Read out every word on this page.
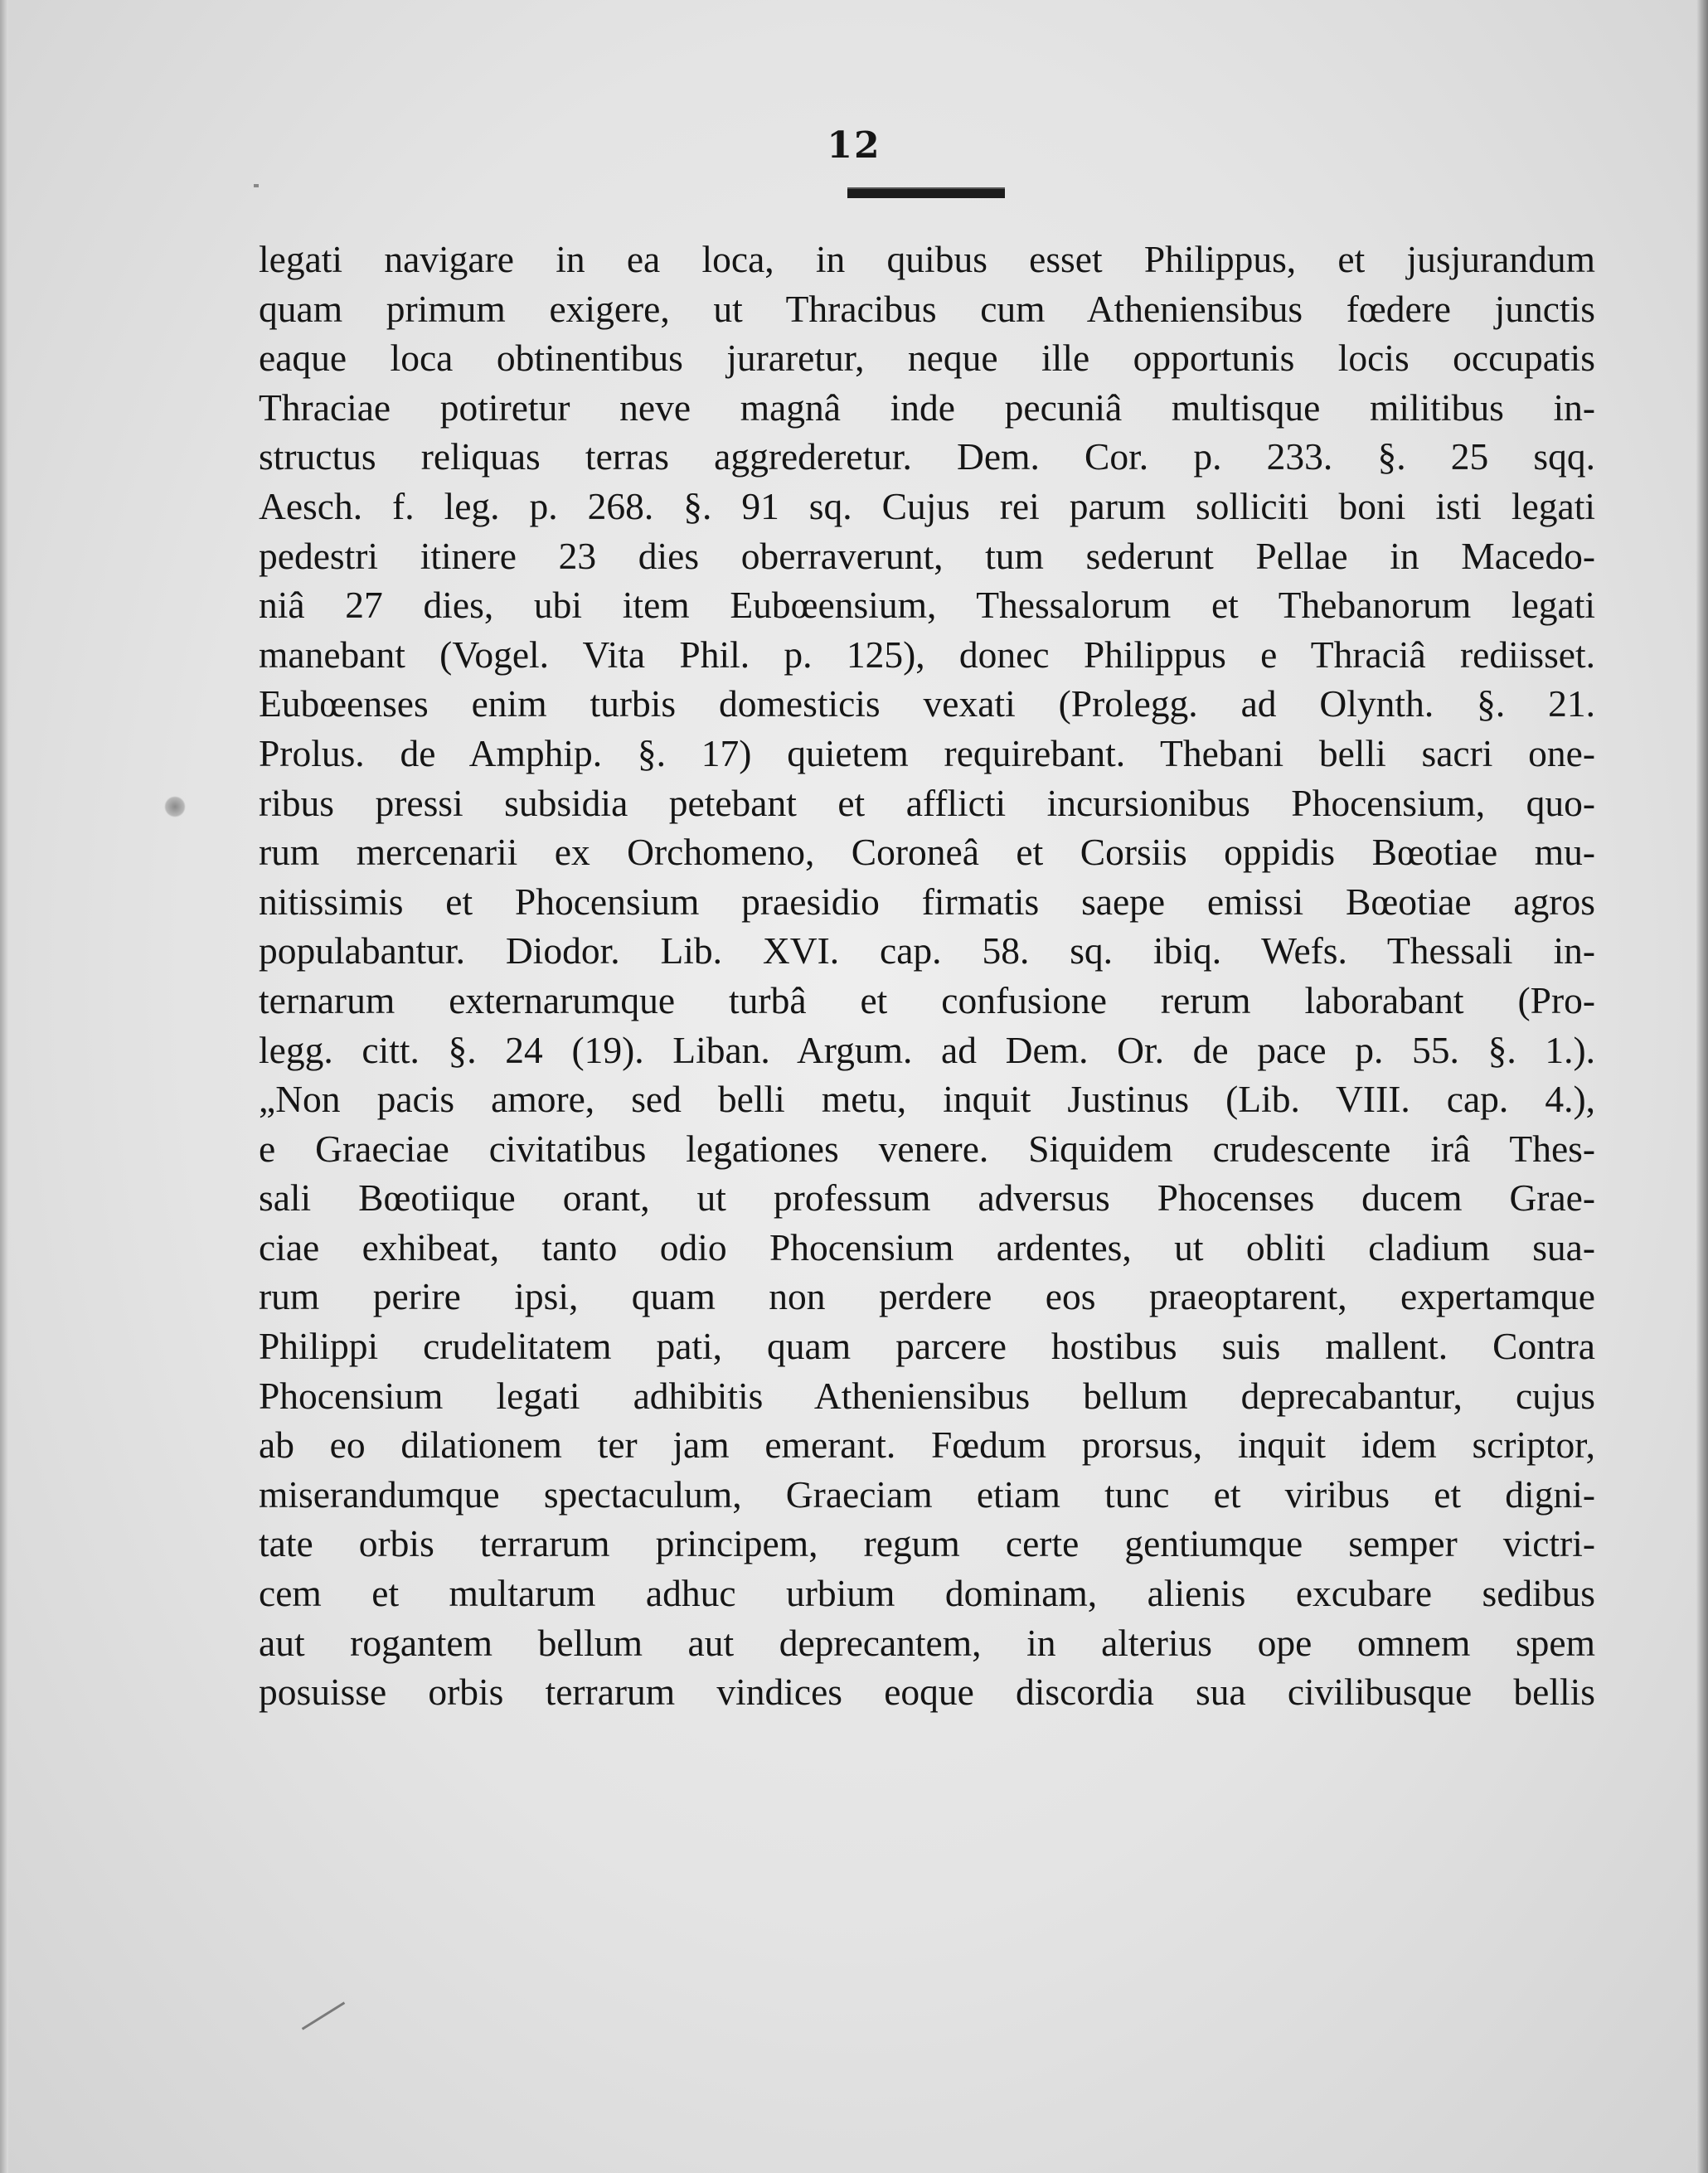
12
legati navigare in ea loca, in quibus esset Philippus, et jusjurandum
quam primum exigere, ut Thracibus cum Atheniensibus fœdere junctis
eaque loca obtinentibus juraretur, neque ille opportunis locis occupatis
Thraciae potiretur neve magnâ inde pecuniâ multisque militibus in-
structus reliquas terras aggrederetur. Dem. Cor. p. 233. §. 25 sqq.
Aesch. f. leg. p. 268. §. 91 sq. Cujus rei parum solliciti boni isti legati
pedestri itinere 23 dies oberraverunt, tum sederunt Pellae in Macedo-
niâ 27 dies, ubi item Eubœensium, Thessalorum et Thebanorum legati
manebant (Vogel. Vita Phil. p. 125), donec Philippus e Thraciâ rediisset.
Eubœenses enim turbis domesticis vexati (Prolegg. ad Olynth. §. 21.
Prolus. de Amphip. §. 17) quietem requirebant. Thebani belli sacri one-
ribus pressi subsidia petebant et afflicti incursionibus Phocensium, quo-
rum mercenarii ex Orchomeno, Coroneâ et Corsiis oppidis Bœotiae mu-
nitissimis et Phocensium praesidio firmatis saepe emissi Bœotiae agros
populabantur. Diodor. Lib. XVI. cap. 58. sq. ibiq. Wefs. Thessali in-
ternarum externarumque turbâ et confusione rerum laborabant (Pro-
legg. citt. §. 24 (19). Liban. Argum. ad Dem. Or. de pace p. 55. §. 1.).
„Non pacis amore, sed belli metu, inquit Justinus (Lib. VIII. cap. 4.),
e Graeciae civitatibus legationes venere. Siquidem crudescente irâ Thes-
sali Bœotiique orant, ut professum adversus Phocenses ducem Grae-
ciae exhibeat, tanto odio Phocensium ardentes, ut obliti cladium sua-
rum perire ipsi, quam non perdere eos praeoptarent, expertamque
Philippi crudelitatem pati, quam parcere hostibus suis mallent. Contra
Phocensium legati adhibitis Atheniensibus bellum deprecabantur, cujus
ab eo dilationem ter jam emerant. Fœdum prorsus, inquit idem scriptor,
miserandumque spectaculum, Graeciam etiam tunc et viribus et digni-
tate orbis terrarum principem, regum certe gentiumque semper victri-
cem et multarum adhuc urbium dominam, alienis excubare sedibus
aut rogantem bellum aut deprecantem, in alterius ope omnem spem
posuisse orbis terrarum vindices eoque discordia sua civilibusque bellis
